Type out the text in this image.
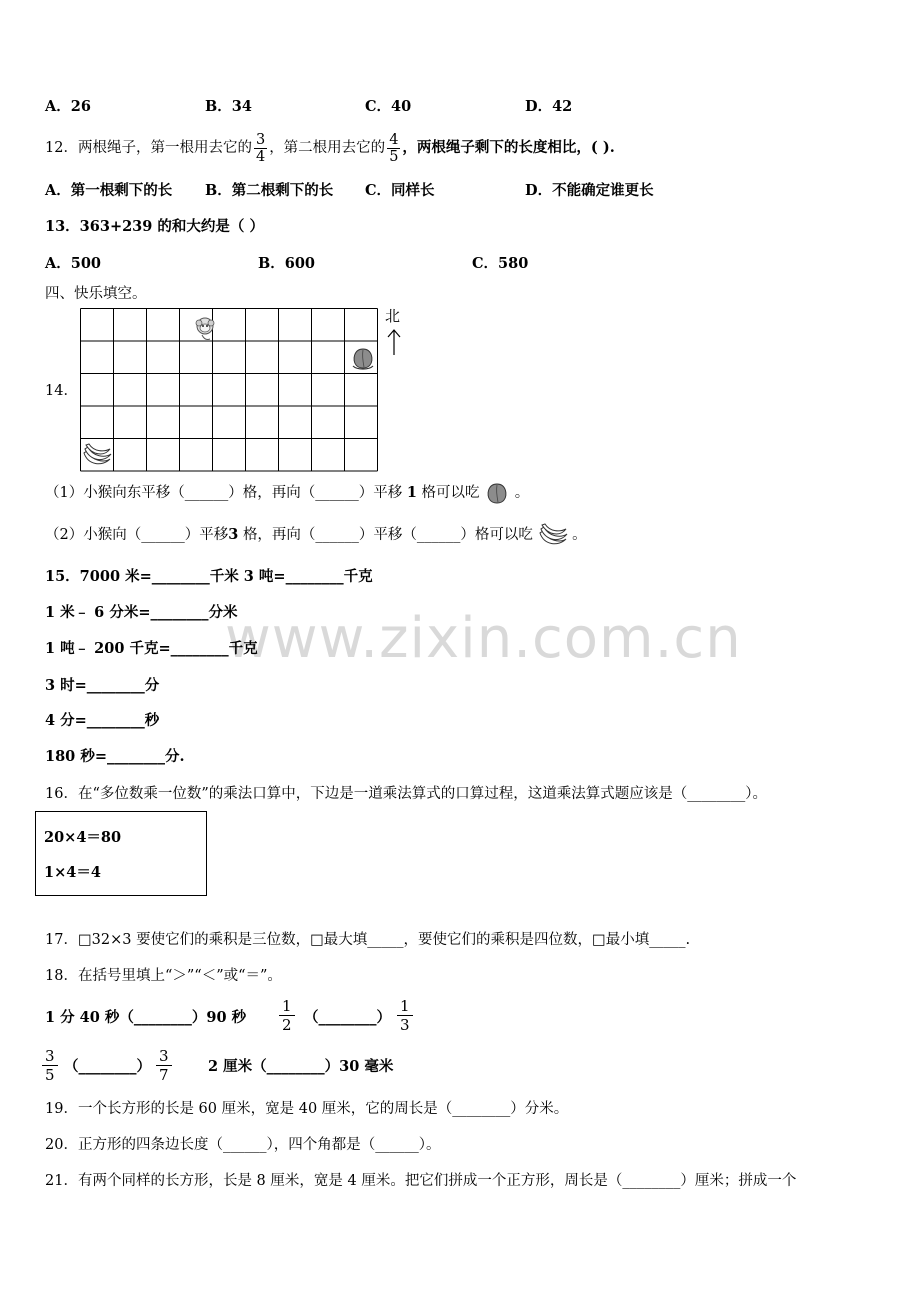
A．26	B．34	C．40	D．42
12．两根绳子，第一根用去它的 $\frac{3}{4}$ ，第二根用去它的 $\frac{4}{5}$ ，两根绳子剩下的长度相比，( ).
A．第一根剩下的长 B．第二根剩下的长 C．同样长	D．不能确定谁更长
13．363+239 的和大约是（ ）
A．500	B．600	C．580
四、快乐填空。
14．
北
（1）小猴向东平移（______）格，再向（______）平移 1 格可以吃 。
（2）小猴向（______）平移3 格，再向（______）平移（______）格可以吃	。
www.zixin.com.cn
15．7000 米=________千米 3 吨=________千克
1 米﹣ 6 分米=________分米
1 吨﹣ 200 千克=________千克
3 时=________分
4 分=________秒
180 秒=________分.
16．在“多位数乘一位数”的乘法口算中，下边是一道乘法算式的口算过程，这道乘法算式题应该是（________）。
20×4＝80
1×4＝4
17．□32×3 要使它们的乘积是三位数，□最大填_____，要使它们的乘积是四位数，□最小填_____.
18．在括号里填上“＞”“＜”或“＝”。
1 分 40 秒（________）90 秒 $\frac{1}{2}$ （________） $\frac{1}{3}$
$\frac{3}{5}$ （________） $\frac{3}{7}$	2 厘米（________）30 毫米
19．一个长方形的长是 60 厘米，宽是 40 厘米，它的周长是（________）分米。
20．正方形的四条边长度（______），四个角都是（______）。
21．有两个同样的长方形，长是 8 厘米，宽是 4 厘米。把它们拼成一个正方形，周长是（________）厘米；拼成一个
